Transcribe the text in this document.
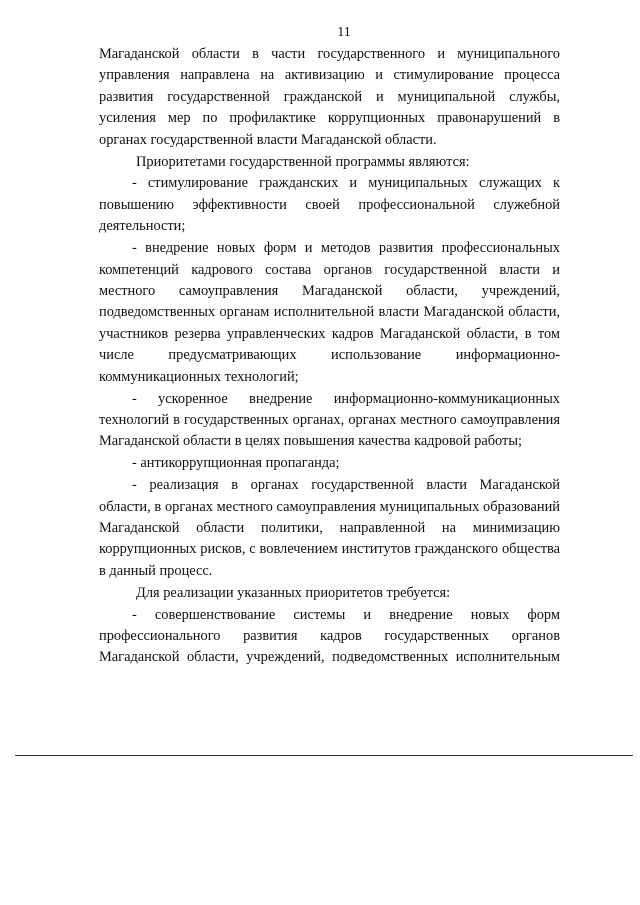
11

Магаданской области в части государственного и муниципального управления направлена на активизацию и стимулирование процесса развития государственной гражданской и муниципальной службы, усиления мер по профилактике коррупционных правонарушений в органах государственной власти Магаданской области.

Приоритетами государственной программы являются:

- стимулирование гражданских и муниципальных служащих к повышению эффективности своей профессиональной служебной деятельности;

- внедрение новых форм и методов развития профессиональных компетенций кадрового состава органов государственной власти и местного самоуправления Магаданской области, учреждений, подведомственных органам исполнительной власти Магаданской области, участников резерва управленческих кадров Магаданской области, в том числе предусматривающих использование информационно-коммуникационных технологий;

- ускоренное внедрение информационно-коммуникационных технологий в государственных органах, органах местного самоуправления Магаданской области в целях повышения качества кадровой работы;

- антикоррупционная пропаганда;

- реализация в органах государственной власти Магаданской области, в органах местного самоуправления муниципальных образований Магаданской области политики, направленной на минимизацию коррупционных рисков, с вовлечением институтов гражданского общества в данный процесс.

Для реализации указанных приоритетов требуется:

- совершенствование системы и внедрение новых форм профессионального развития кадров государственных органов Магаданской области, учреждений, подведомственных исполнительным
